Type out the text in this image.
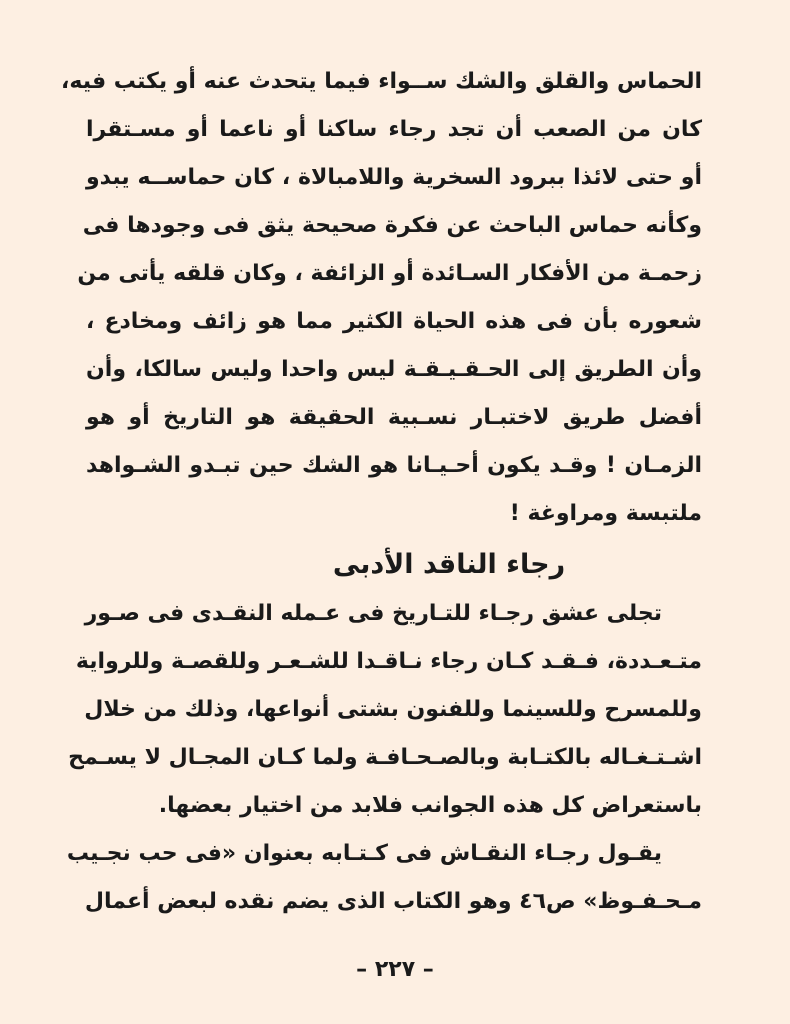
الحماس والقلق والشك ســواء فيما يتحدث عنه أو يكتب فيه،

كان من الصعب أن تجد رجاء ساكنا أو ناعما أو مسـتقرا

أو حتى لائذا ببرود السخرية واللامبالاة ، كان حماســه يبدو

وكأنه حماس الباحث عن فكرة صحيحة يثق فى وجودها فى

زحمـة من الأفكار السـائدة أو الزائفة ، وكان قلقه يأتى من

شعوره بأن فى هذه الحياة الكثير مما هو زائف ومخادع ،

وأن الطريق إلى الحـقـيـقـة ليس واحدا وليس سالكا، وأن

أفضل طريق لاختبـار نسـبية الحقيقة هو التاريخ أو هو

الزمـان ! وقـد يكون أحـيـانا هو الشك حين تبـدو الشـواهد

ملتبسة ومراوغة !

رجاء الناقد الأدبى

تجلى عشق رجـاء للتـاريخ فى عـمله النقـدى فى صـور

متـعـددة، فـقـد كـان رجاء نـاقـدا للشـعـر وللقصـة وللرواية

وللمسرح وللسينما وللفنون بشتى أنواعها، وذلك من خلال

اشـتـغـاله بالكتـابة وبالصـحـافـة ولما كـان المجـال لا يسـمح

باستعراض كل هذه الجوانب فلابد من اختيار بعضها.

يقـول رجـاء النقـاش فى كـتـابه بعنوان «فى حب نجـيب

مـحـفـوظ» ص٤٦ وهو الكتاب الذى يضم نقده لبعض أعمال

– ٢٢٧ –
